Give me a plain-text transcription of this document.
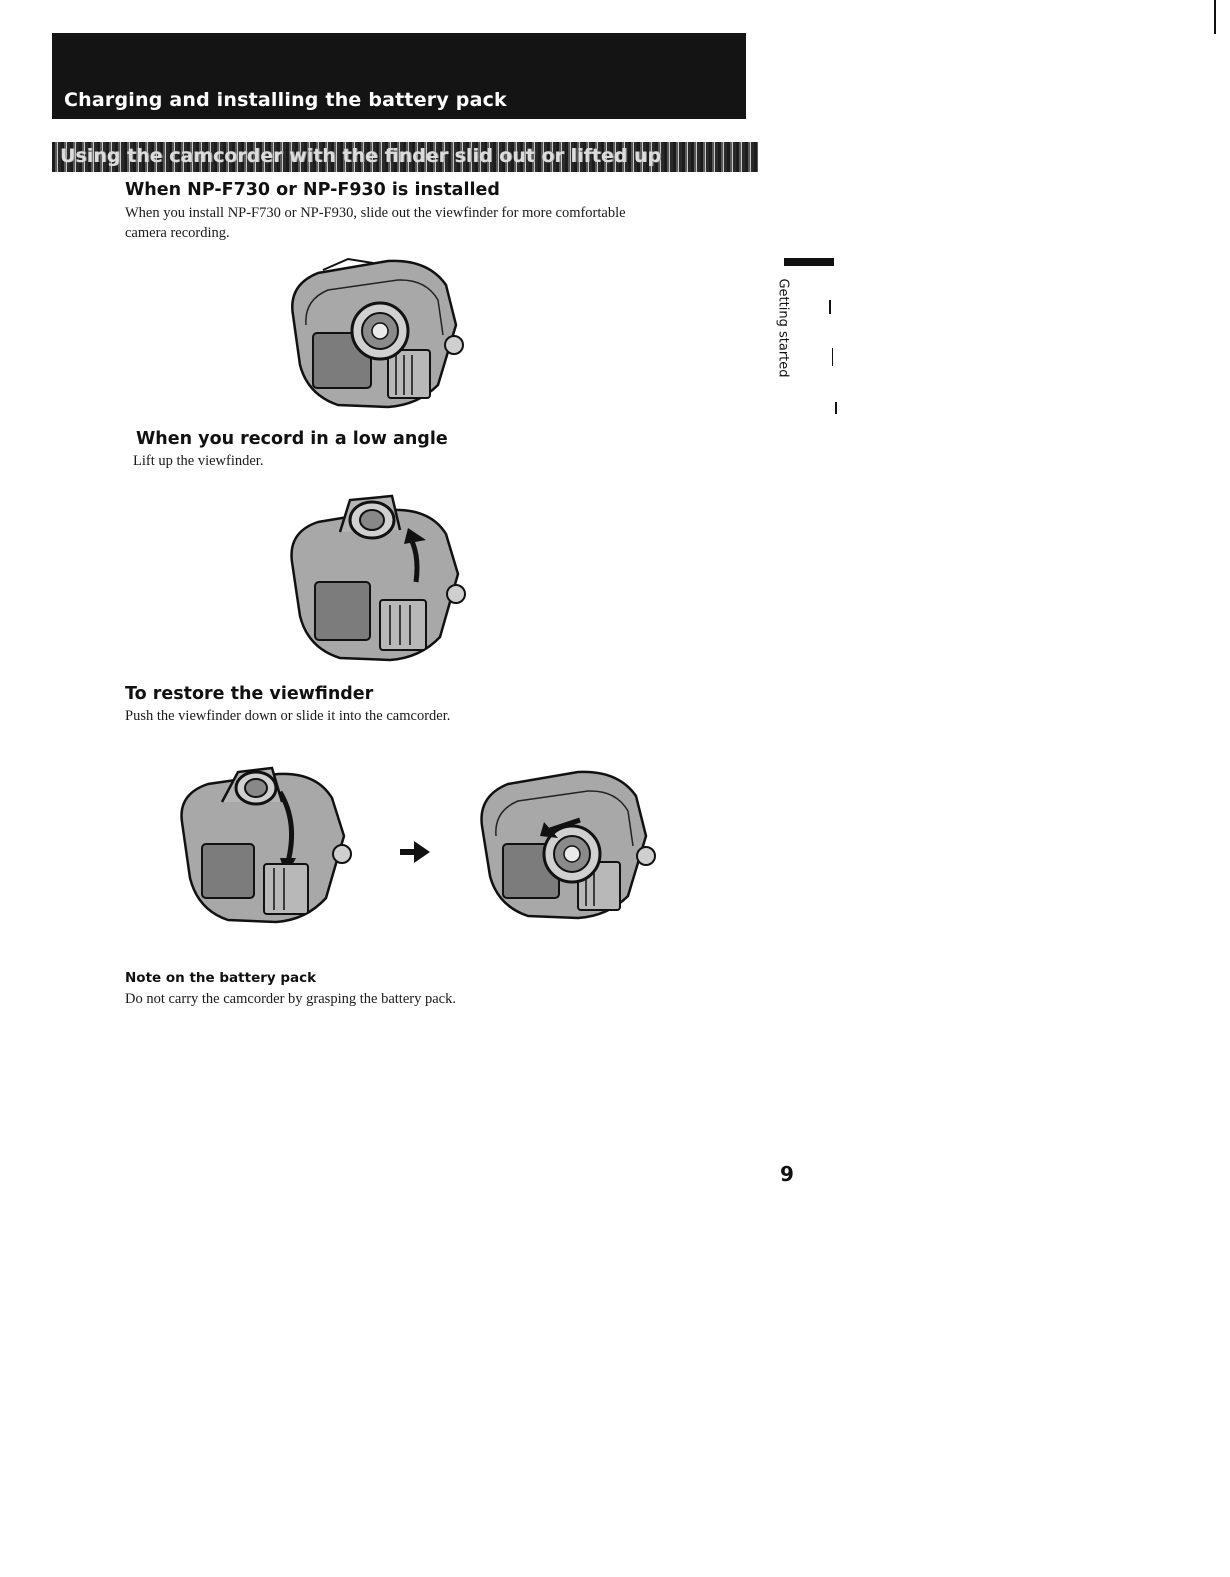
Charging and installing the battery pack
Using the camcorder with the finder slid out or lifted up
When NP-F730 or NP-F930 is installed

When you install NP-F730 or NP-F930, slide out the viewfinder for more comfortable

camera recording.

When you record in a low angle

Lift up the viewfinder.

To restore the viewfinder

Push the viewfinder down or slide it into the camcorder.

Note on the battery pack

Do not carry the camcorder by grasping the battery pack.

Getting started

9
